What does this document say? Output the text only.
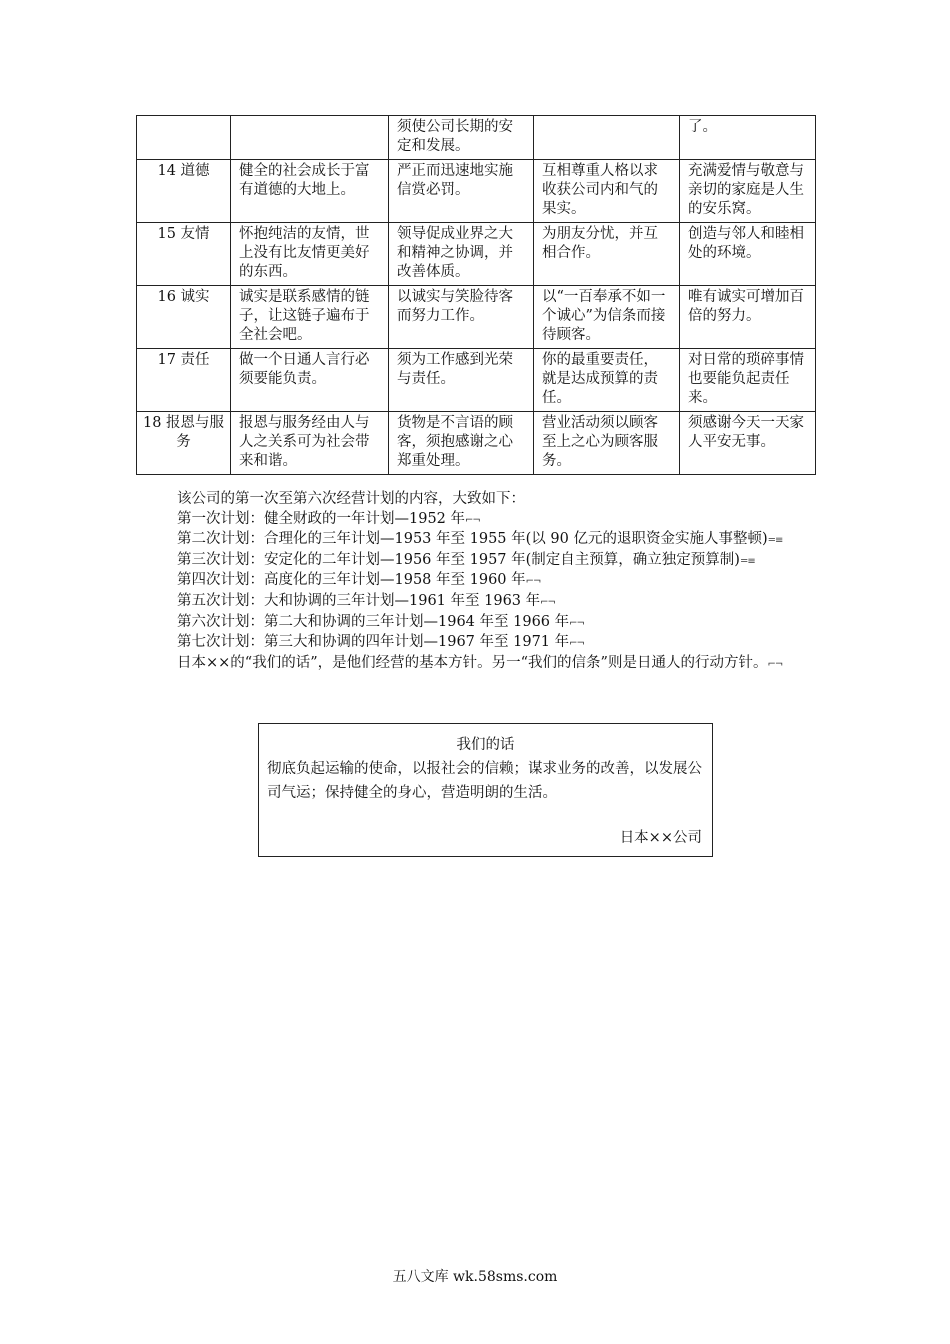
		须使公司长期的安定和发展。		了。
14 道德	健全的社会成长于富有道德的大地上。	严正而迅速地实施信赏必罚。	互相尊重人格以求收获公司内和气的果实。	充满爱情与敬意与亲切的家庭是人生的安乐窝。
15 友情	怀抱纯洁的友情，世上没有比友情更美好的东西。	领导促成业界之大和精神之协调，并改善体质。	为朋友分忧，并互相合作。	创造与邻人和睦相处的环境。
16 诚实	诚实是联系感情的链子，让这链子遍布于全社会吧。	以诚实与笑脸待客而努力工作。	以“一百奉承不如一个诚心”为信条而接待顾客。	唯有诚实可增加百倍的努力。
17 责任	做一个日通人言行必须要能负责。	须为工作感到光荣与责任。	你的最重要责任，就是达成预算的责任。	对日常的琐碎事情也要能负起责任来。
18 报恩与服务	报恩与服务经由人与人之关系可为社会带来和谐。	货物是不言语的顾客，须抱感谢之心郑重处理。	营业活动须以顾客至上之心为顾客服务。	须感谢今天一天家人平安无事。

该公司的第一次至第六次经营计划的内容，大致如下：

第一次计划：健全财政的一年计划—1952 年⌐¬

第二次计划：合理化的三年计划—1953 年至 1955 年(以 90 亿元的退职资金实施人事整顿)=≡

第三次计划：安定化的二年计划—1956 年至 1957 年(制定自主预算，确立独定预算制)=≡

第四次计划：高度化的三年计划—1958 年至 1960 年⌐¬

第五次计划：大和协调的三年计划—1961 年至 1963 年⌐¬

第六次计划：第二大和协调的三年计划—1964 年至 1966 年⌐¬

第七次计划：第三大和协调的四年计划—1967 年至 1971 年⌐¬

日本××的“我们的话”，是他们经营的基本方针。另一“我们的信条”则是日通人的行动方针。⌐¬

我们的话

彻底负起运输的使命，以报社会的信赖；谋求业务的改善，以发展公司气运；保持健全的身心，营造明朗的生活。

日本××公司
五八文库 wk.58sms.com
